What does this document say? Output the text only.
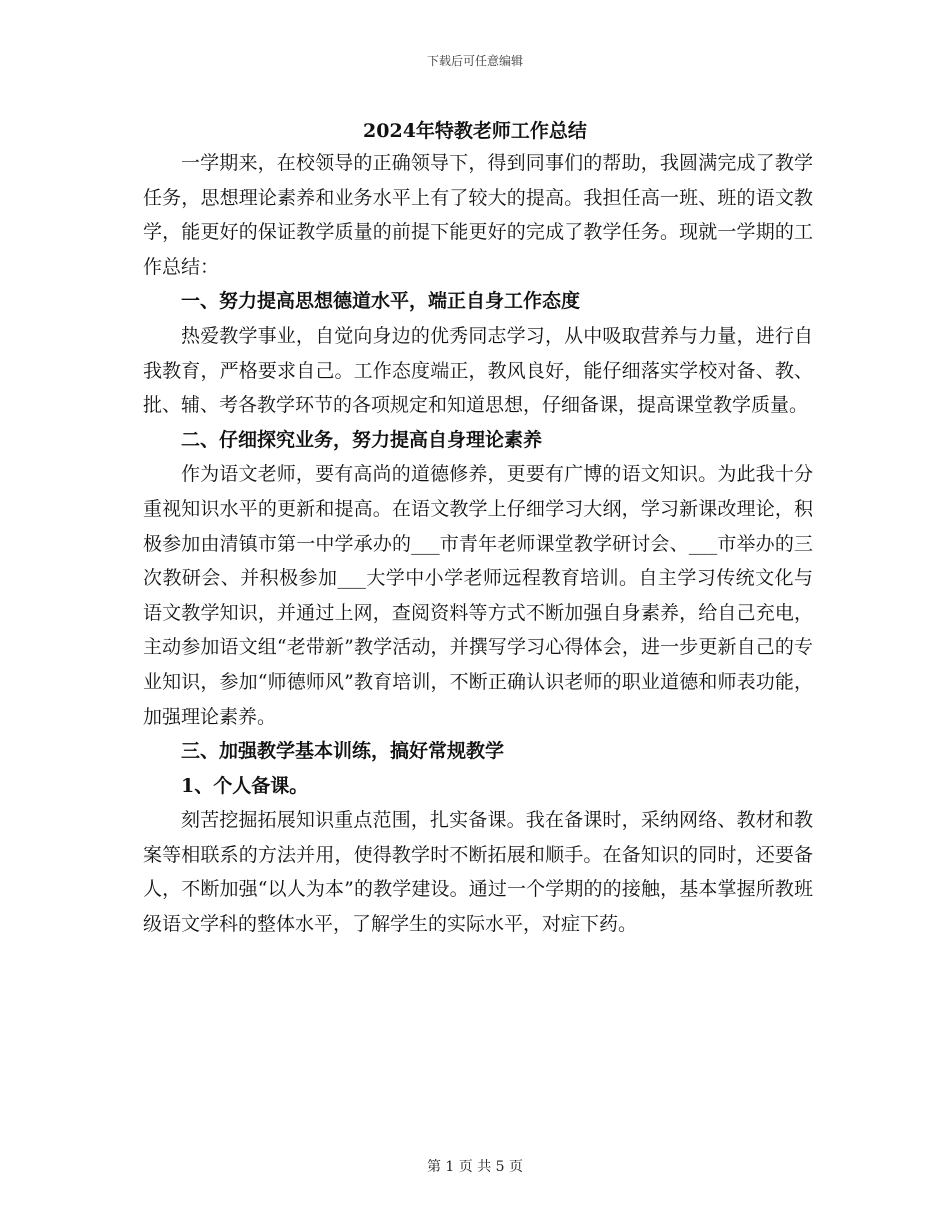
下载后可任意编辑
2024年特教老师工作总结

一学期来，在校领导的正确领导下，得到同事们的帮助，我圆满完成了教学任务，思想理论素养和业务水平上有了较大的提高。我担任高一班、班的语文教学，能更好的保证教学质量的前提下能更好的完成了教学任务。现就一学期的工作总结：

一、努力提高思想德道水平，端正自身工作态度

热爱教学事业，自觉向身边的优秀同志学习，从中吸取营养与力量，进行自我教育，严格要求自己。工作态度端正，教风良好，能仔细落实学校对备、教、批、辅、考各教学环节的各项规定和知道思想，仔细备课，提高课堂教学质量。

二、仔细探究业务，努力提高自身理论素养

作为语文老师，要有高尚的道德修养，更要有广博的语文知识。为此我十分重视知识水平的更新和提高。在语文教学上仔细学习大纲，学习新课改理论，积极参加由清镇市第一中学承办的___市青年老师课堂教学研讨会、___市举办的三次教研会、并积极参加___大学中小学老师远程教育培训。自主学习传统文化与语文教学知识，并通过上网，查阅资料等方式不断加强自身素养，给自己充电，主动参加语文组“老带新”教学活动，并撰写学习心得体会，进一步更新自己的专业知识，参加“师德师风”教育培训，不断正确认识老师的职业道德和师表功能，加强理论素养。

三、加强教学基本训练，搞好常规教学

1、个人备课。

刻苦挖掘拓展知识重点范围，扎实备课。我在备课时，采纳网络、教材和教案等相联系的方法并用，使得教学时不断拓展和顺手。在备知识的同时，还要备人，不断加强“以人为本”的教学建设。通过一个学期的的接触，基本掌握所教班级语文学科的整体水平，了解学生的实际水平，对症下药。

第 1 页 共 5 页
